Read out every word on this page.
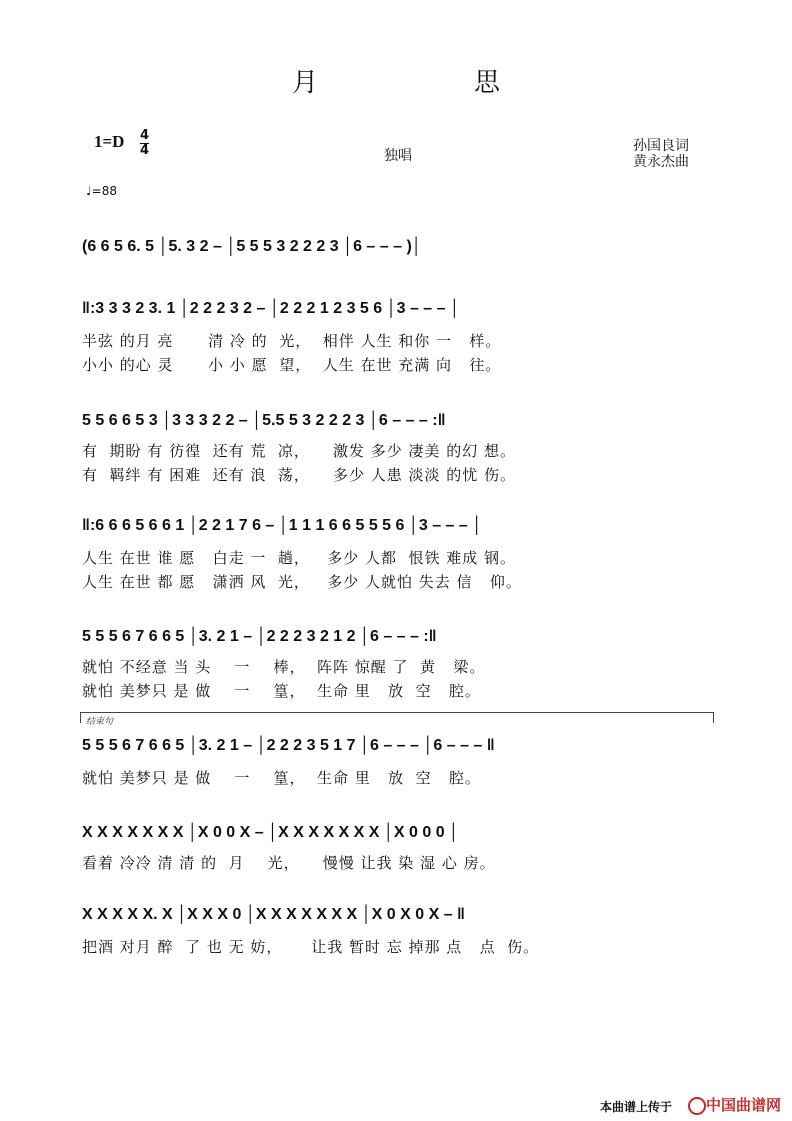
月	思
1=D 4
4	独唱
孙国良词
黄永杰曲
♩=88
(6 6 5 6. 5 │5. 3 2 – │5 5 5 3 2 2 2 3 │6 – – – )│
‖:3 3 3 2 3. 1 │2 2 2 3 2 – │2 2 2 1 2 3 5 6 │3 – – – │
半弦 的月 亮      清 冷 的  光，  相伴 人生 和你 一   样。
小小 的心 灵      小 小 愿  望，  人生 在世 充满 向   往。
5 5 6 6 5 3 │3 3 3 2 2 – │5.5 5 3 2 2 2 3 │6 – – – :‖
有  期盼 有 彷徨  还有 荒  凉，    激发 多少 凄美 的幻 想。
有  羁绊 有 困难  还有 浪  荡，    多少 人患 淡淡 的忧 伤。
‖:6 6 6 5 6 6 1 │2 2 1 7 6 – │1 1 1 6 6 5 5 5 6 │3 – – – │
人生 在世 谁 愿   白走 一  趟，   多少 人都  恨铁 难成 钢。
人生 在世 都 愿   潇洒 风  光，   多少 人就怕 失去 信   仰。
5 5 5 6 7 6 6 5 │3. 2 1 – │2 2 2 3 2 1 2 │6 – – – :‖
就怕 不经意 当 头    一    棒，  阵阵 惊醒 了  黄   梁。
就怕 美梦只 是 做    一    篁，  生命 里   放  空   腔。
结束句
5 5 5 6 7 6 6 5 │3. 2 1 – │2 2 2 3 5 1 7 │6 – – – │6 – – – ‖
就怕 美梦只 是 做    一    篁，  生命 里   放  空   腔。
X X X X X X X │X 0 0 X – │X X X X X X X │X 0 0 0 │
看着 冷冷 清 清 的  月    光，    慢慢 让我 染 湿 心 房。
X X X X X. X │X X X 0 │X X X X X X X │X 0 X 0 X – ‖
把酒 对月 醉  了 也 无 妨，     让我 暂时 忘 掉那 点   点  伤。
本曲谱上传于 中国曲谱网
